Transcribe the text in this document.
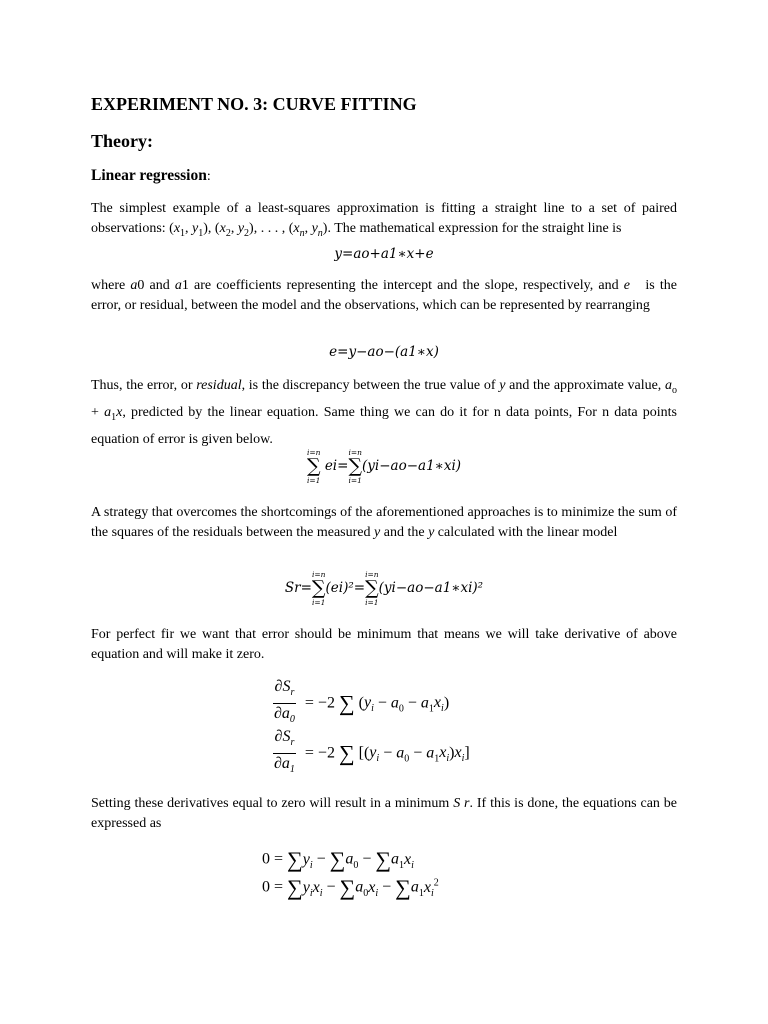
EXPERIMENT NO. 3: CURVE FITTING
Theory:
Linear regression:
The simplest example of a least-squares approximation is fitting a straight line to a set of paired observations: ($x_1$, $y_1$), ($x_2$, $y_2$), . . . , ($x_n$, $y_n$). The mathematical expression for the straight line is
y=ao+a1∗x+e
where a0 and a1 are coefficients representing the intercept and the slope, respectively, and e   is the error, or residual, between the model and the observations, which can be represented by rearranging
e=y−ao−(a1∗x)
Thus, the error, or residual, is the discrepancy between the true value of y and the approximate value, $a_o + a_1x$, predicted by the linear equation. Same thing we can do it for n data points, For n data points equation of error is given below.
i=n
∑
i=1
ei=
i=n
∑
i=1
(yi−ao−a1∗xi)
A strategy that overcomes the shortcomings of the aforementioned approaches is to minimize the sum of the squares of the residuals between the measured y and the y calculated with the linear model
Sr=
i=n
∑
i=1
(ei)²=
i=n
∑
i=1
(yi−ao−a1∗xi)²
For perfect fir we want that error should be minimum that means we will take derivative of above equation and will make it zero.
$\frac{\partial S_r}{\partial a_0} = -2$ ∑ $(y_i - a_0 - a_1x_i)$
$\frac{\partial S_r}{\partial a_1} = -2$ ∑ $[(y_i - a_0 - a_1x_i)x_i]$
Setting these derivatives equal to zero will result in a minimum S r. If this is done, the equations can be expressed as
$0 = \sum y_i - \sum a_0 - \sum a_1x_i$
$0 = \sum y_ix_i - \sum a_0x_i - \sum a_1x_i^2$
